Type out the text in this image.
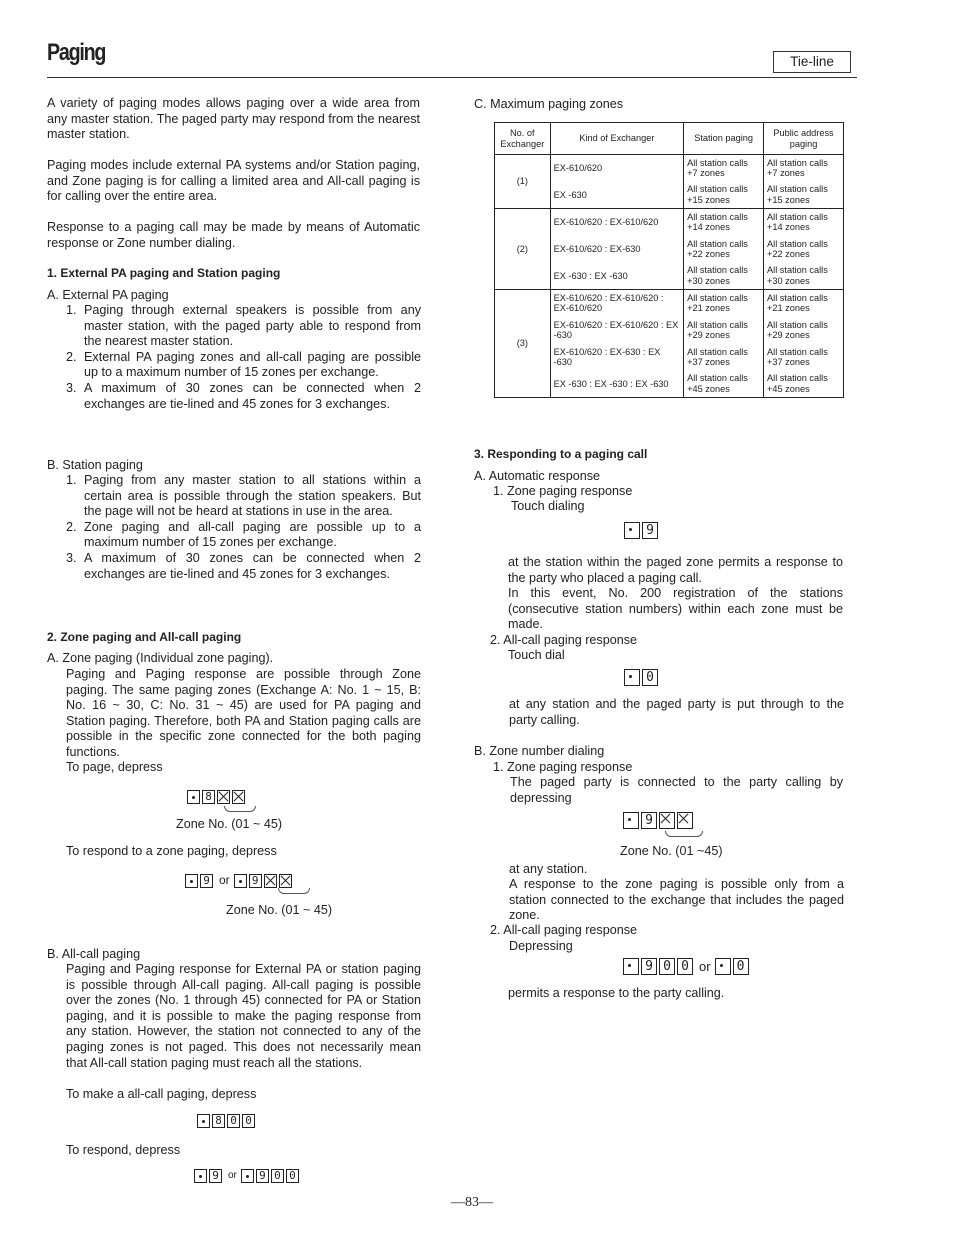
Paging	Tie-line
A variety of paging modes allows paging over a wide area from any master station. The paged party may respond from the nearest master station.
Paging modes include external PA systems and/or Station paging, and Zone paging is for calling a limited area and All-call paging is for calling over the entire area.
Response to a paging call may be made by means of Automatic response or Zone number dialing.
1. External PA paging and Station paging
A. External PA paging
1. Paging through external speakers is possible from any master station, with the paged party able to respond from the nearest master station.
2. External PA paging zones and all-call paging are possible up to a maximum number of 15 zones per exchange.
3. A maximum of 30 zones can be connected when 2 exchanges are tie-lined and 45 zones for 3 exchanges.
B. Station paging
1. Paging from any master station to all stations within a certain area is possible through the station speakers. But the page will not be heard at stations in use in the area.
2. Zone paging and all-call paging are possible up to a maximum number of 15 zones per exchange.
3. A maximum of 30 zones can be connected when 2 exchanges are tie-lined and 45 zones for 3 exchanges.
2. Zone paging and All-call paging
A. Zone paging (Individual zone paging).
Paging and Paging response are possible through Zone paging. The same paging zones (Exchange A: No. 1 ~ 15, B: No. 16 ~ 30, C: No. 31 ~ 45) are used for PA paging and Station paging. Therefore, both PA and Station paging calls are possible in the specific zone connected for the both paging functions.
To page, depress
8
Zone No. (01 ~ 45)
To respond to a zone paging, depress
9 or 9
Zone No. (01 ~ 45)
B. All-call paging
Paging and Paging response for External PA or station paging is possible through All-call paging. All-call paging is possible over the zones (No. 1 through 45) connected for PA or Station paging, and it is possible to make the paging response from any station. However, the station not connected to any of the paging zones is not paged. This does not necessarily mean that All-call station paging must reach all the stations.
To make a all-call paging, depress
8 0 0
To respond, depress
9 or 9 0 0
C. Maximum paging zones
No. of Exchanger	Kind of Exchanger	Station paging	Public address paging
(1)	EX-610/620	All station calls +7 zones	All station calls +7 zones
	EX -630	All station calls +15 zones	All station calls +15 zones
(2)	EX-610/620 : EX-610/620	All station calls +14 zones	All station calls +14 zones
	EX-610/620 : EX-630	All station calls +22 zones	All station calls +22 zones
	EX -630 : EX -630	All station calls +30 zones	All station calls +30 zones
(3)	EX-610/620 : EX-610/620 : EX-610/620	All station calls +21 zones	All station calls +21 zones
	EX-610/620 : EX-610/620 : EX -630	All station calls +29 zones	All station calls +29 zones
	EX-610/620 : EX-630 : EX -630	All station calls +37 zones	All station calls +37 zones
	EX -630 : EX -630 : EX -630	All station calls +45 zones	All station calls +45 zones
3. Responding to a paging call
A. Automatic response
1. Zone paging response
Touch dialing
9
at the station within the paged zone permits a response to the party who placed a paging call.
In this event, No. 200 registration of the stations (consecutive station numbers) within each zone must be made.
2. All-call paging response
Touch dial
0
at any station and the paged party is put through to the party calling.
B. Zone number dialing
1. Zone paging response
The paged party is connected to the party calling by depressing
9
Zone No. (01 ~45)
at any station.
A response to the zone paging is possible only from a station connected to the exchange that includes the paged zone.
2. All-call paging response
Depressing
9 0 0 or	0
permits a response to the party calling.
—83—
